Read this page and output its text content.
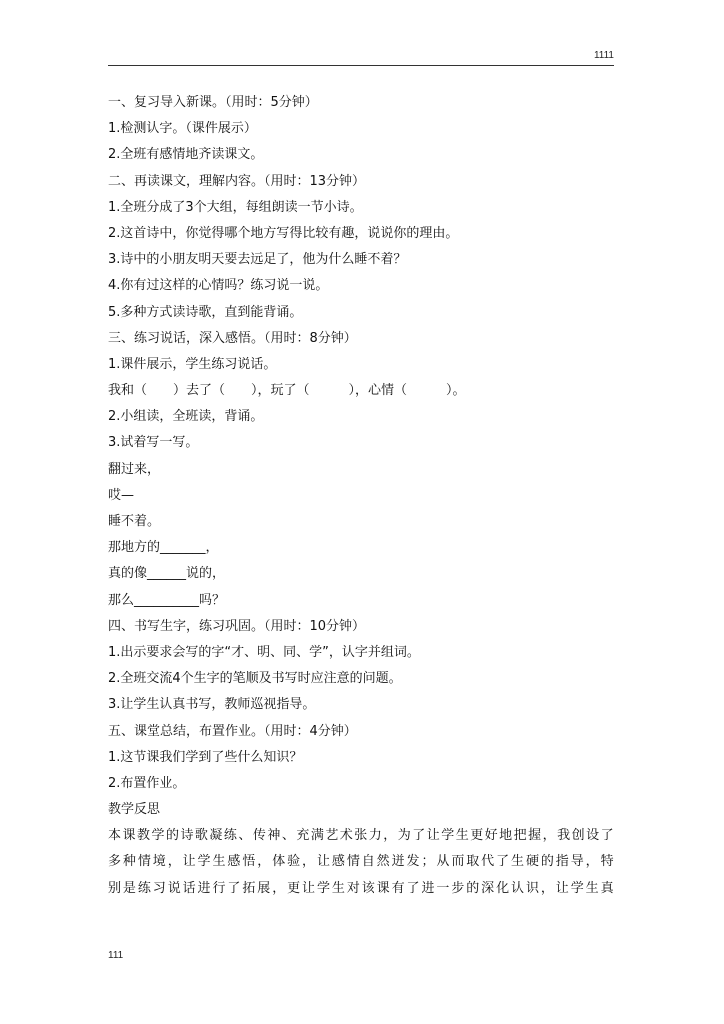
1111
一、复习导入新课。（用时：5分钟）
1.检测认字。（课件展示）
2.全班有感情地齐读课文。
二、再读课文，理解内容。（用时：13分钟）
1.全班分成了3个大组，每组朗读一节小诗。
2.这首诗中，你觉得哪个地方写得比较有趣，说说你的理由。
3.诗中的小朋友明天要去远足了，他为什么睡不着？
4.你有过这样的心情吗？练习说一说。
5.多种方式读诗歌，直到能背诵。
三、练习说话，深入感悟。（用时：8分钟）
1.课件展示，学生练习说话。
我和（　　）去了（　　），玩了（　　　），心情（　　　）。
2.小组读，全班读，背诵。
3.试着写一写。
翻过来，
哎—
睡不着。
那地方的_______，
真的像______说的，
那么__________吗？
四、书写生字，练习巩固。（用时：10分钟）
1.出示要求会写的字“才、明、同、学”，认字并组词。
2.全班交流4个生字的笔顺及书写时应注意的问题。
3.让学生认真书写，教师巡视指导。
五、课堂总结，布置作业。（用时：4分钟）
1.这节课我们学到了些什么知识？
2.布置作业。
教学反思
本课教学的诗歌凝练、传神、充满艺术张力，为了让学生更好地把握，我创设了
多种情境，让学生感悟，体验，让感情自然迸发；从而取代了生硬的指导，特
别是练习说话进行了拓展，更让学生对该课有了进一步的深化认识，让学生真
111
